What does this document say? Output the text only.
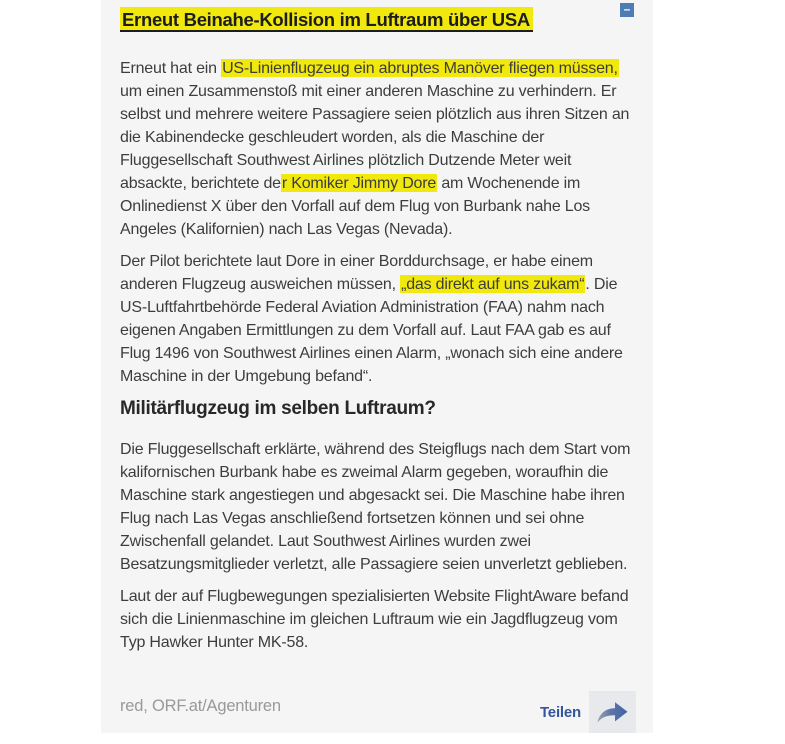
–
Erneut Beinahe-Kollision im Luftraum über USA

Erneut hat ein US-Linienflugzeug ein abruptes Manöver fliegen müssen, um einen Zusammenstoß mit einer anderen Maschine zu verhindern. Er selbst und mehrere weitere Passagiere seien plötzlich aus ihren Sitzen an die Kabinendecke geschleudert worden, als die Maschine der Fluggesellschaft Southwest Airlines plötzlich Dutzende Meter weit absackte, berichtete der Komiker Jimmy Dore am Wochenende im Onlinedienst X über den Vorfall auf dem Flug von Burbank nahe Los Angeles (Kalifornien) nach Las Vegas (Nevada).

Der Pilot berichtete laut Dore in einer Borddurchsage, er habe einem anderen Flugzeug ausweichen müssen, „das direkt auf uns zukam“. Die US-Luftfahrtbehörde Federal Aviation Administration (FAA) nahm nach eigenen Angaben Ermittlungen zu dem Vorfall auf. Laut FAA gab es auf Flug 1496 von Southwest Airlines einen Alarm, „wonach sich eine andere Maschine in der Umgebung befand“.

Militärflugzeug im selben Luftraum?

Die Fluggesellschaft erklärte, während des Steigflugs nach dem Start vom kalifornischen Burbank habe es zweimal Alarm gegeben, woraufhin die Maschine stark angestiegen und abgesackt sei. Die Maschine habe ihren Flug nach Las Vegas anschließend fortsetzen können und sei ohne Zwischenfall gelandet. Laut Southwest Airlines wurden zwei Besatzungsmitglieder verletzt, alle Passagiere seien unverletzt geblieben.

Laut der auf Flugbewegungen spezialisierten Website FlightAware befand sich die Linienmaschine im gleichen Luftraum wie ein Jagdflugzeug vom Typ Hawker Hunter MK-58.

red, ORF.at/Agenturen	Teilen
